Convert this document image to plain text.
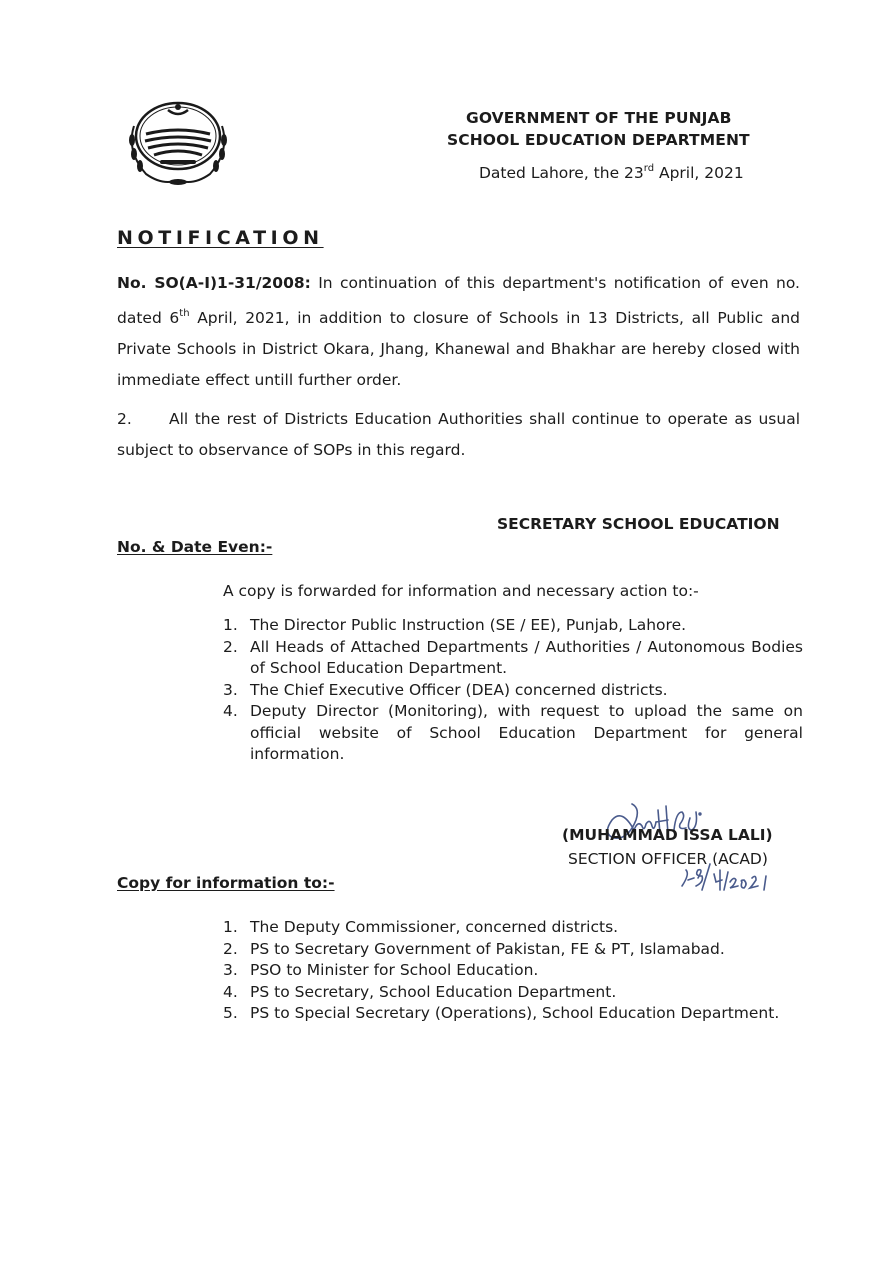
GOVERNMENT OF THE PUNJAB
SCHOOL EDUCATION DEPARTMENT
Dated Lahore, the 23rd April, 2021
NOTIFICATION
No. SO(A-I)1-31/2008: In continuation of this department's notification of even no. dated 6th April, 2021, in addition to closure of Schools in 13 Districts, all Public and Private Schools in District Okara, Jhang, Khanewal and Bhakhar are hereby closed with immediate effect untill further order.
2. All the rest of Districts Education Authorities shall continue to operate as usual subject to observance of SOPs in this regard.
SECRETARY SCHOOL EDUCATION
No. & Date Even:-
A copy is forwarded for information and necessary action to:-
1. The Director Public Instruction (SE / EE), Punjab, Lahore.
2. All Heads of Attached Departments / Authorities / Autonomous Bodies of School Education Department.
3. The Chief Executive Officer (DEA) concerned districts.
4. Deputy Director (Monitoring), with request to upload the same on official website of School Education Department for general information.
(MUHAMMAD ISSA LALI)
SECTION OFFICER (ACAD)
Copy for information to:-
1. The Deputy Commissioner, concerned districts.
2. PS to Secretary Government of Pakistan, FE & PT, Islamabad.
3. PSO to Minister for School Education.
4. PS to Secretary, School Education Department.
5. PS to Special Secretary (Operations), School Education Department.
